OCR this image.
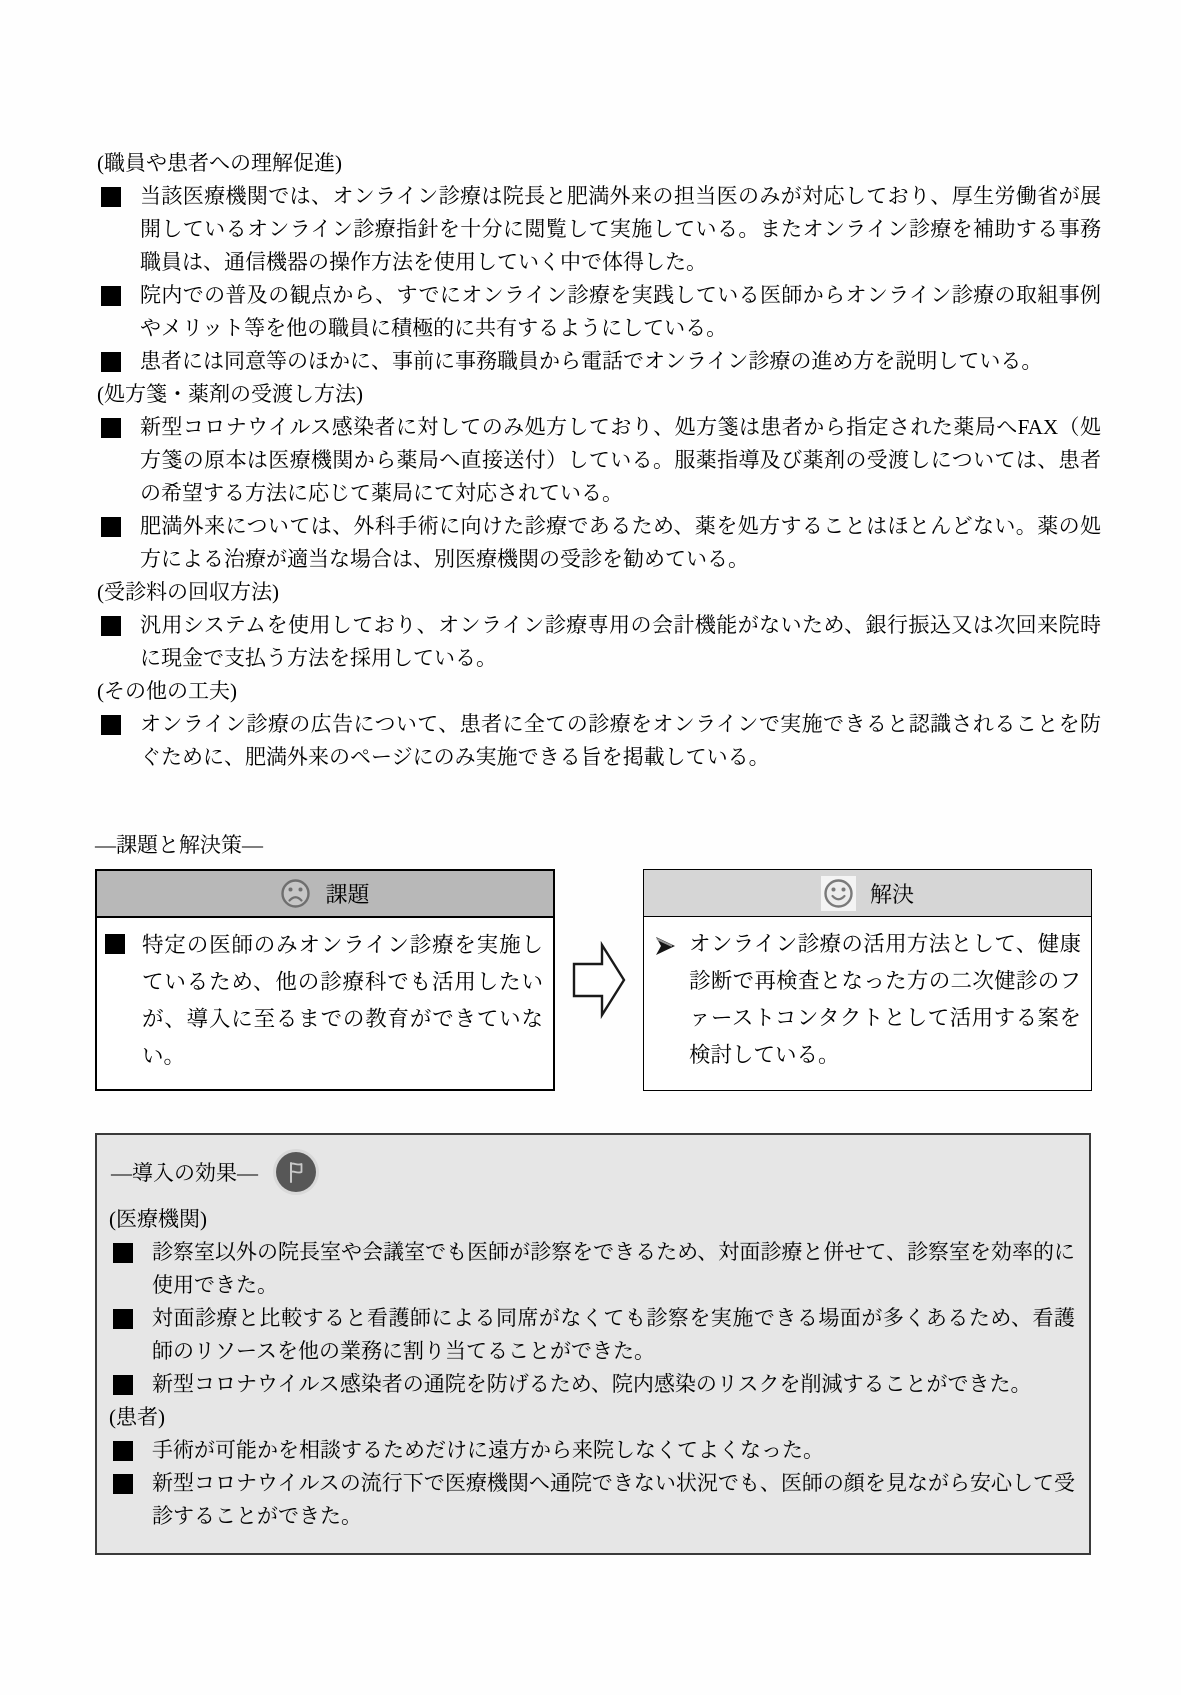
(職員や患者への理解促進)
当該医療機関では、オンライン診療は院長と肥満外来の担当医のみが対応しており、厚生労働省が展開しているオンライン診療指針を十分に閲覧して実施している。またオンライン診療を補助する事務職員は、通信機器の操作方法を使用していく中で体得した。
院内での普及の観点から、すでにオンライン診療を実践している医師からオンライン診療の取組事例やメリット等を他の職員に積極的に共有するようにしている。
患者には同意等のほかに、事前に事務職員から電話でオンライン診療の進め方を説明している。
(処方箋・薬剤の受渡し方法)
新型コロナウイルス感染者に対してのみ処方しており、処方箋は患者から指定された薬局へFAX（処方箋の原本は医療機関から薬局へ直接送付）している。服薬指導及び薬剤の受渡しについては、患者の希望する方法に応じて薬局にて対応されている。
肥満外来については、外科手術に向けた診療であるため、薬を処方することはほとんどない。薬の処方による治療が適当な場合は、別医療機関の受診を勧めている。
(受診料の回収方法)
汎用システムを使用しており、オンライン診療専用の会計機能がないため、銀行振込又は次回来院時に現金で支払う方法を採用している。
(その他の工夫)
オンライン診療の広告について、患者に全ての診療をオンラインで実施できると認識されることを防ぐために、肥満外来のページにのみ実施できる旨を掲載している。
―課題と解決策―
課題
特定の医師のみオンライン診療を実施しているため、他の診療科でも活用したいが、導入に至るまでの教育ができていない。
解決
オンライン診療の活用方法として、健康診断で再検査となった方の二次健診のファーストコンタクトとして活用する案を検討している。
―導入の効果―
(医療機関)
診察室以外の院長室や会議室でも医師が診察をできるため、対面診療と併せて、診察室を効率的に使用できた。
対面診療と比較すると看護師による同席がなくても診察を実施できる場面が多くあるため、看護師のリソースを他の業務に割り当てることができた。
新型コロナウイルス感染者の通院を防げるため、院内感染のリスクを削減することができた。
(患者)
手術が可能かを相談するためだけに遠方から来院しなくてよくなった。
新型コロナウイルスの流行下で医療機関へ通院できない状況でも、医師の顔を見ながら安心して受診することができた。
